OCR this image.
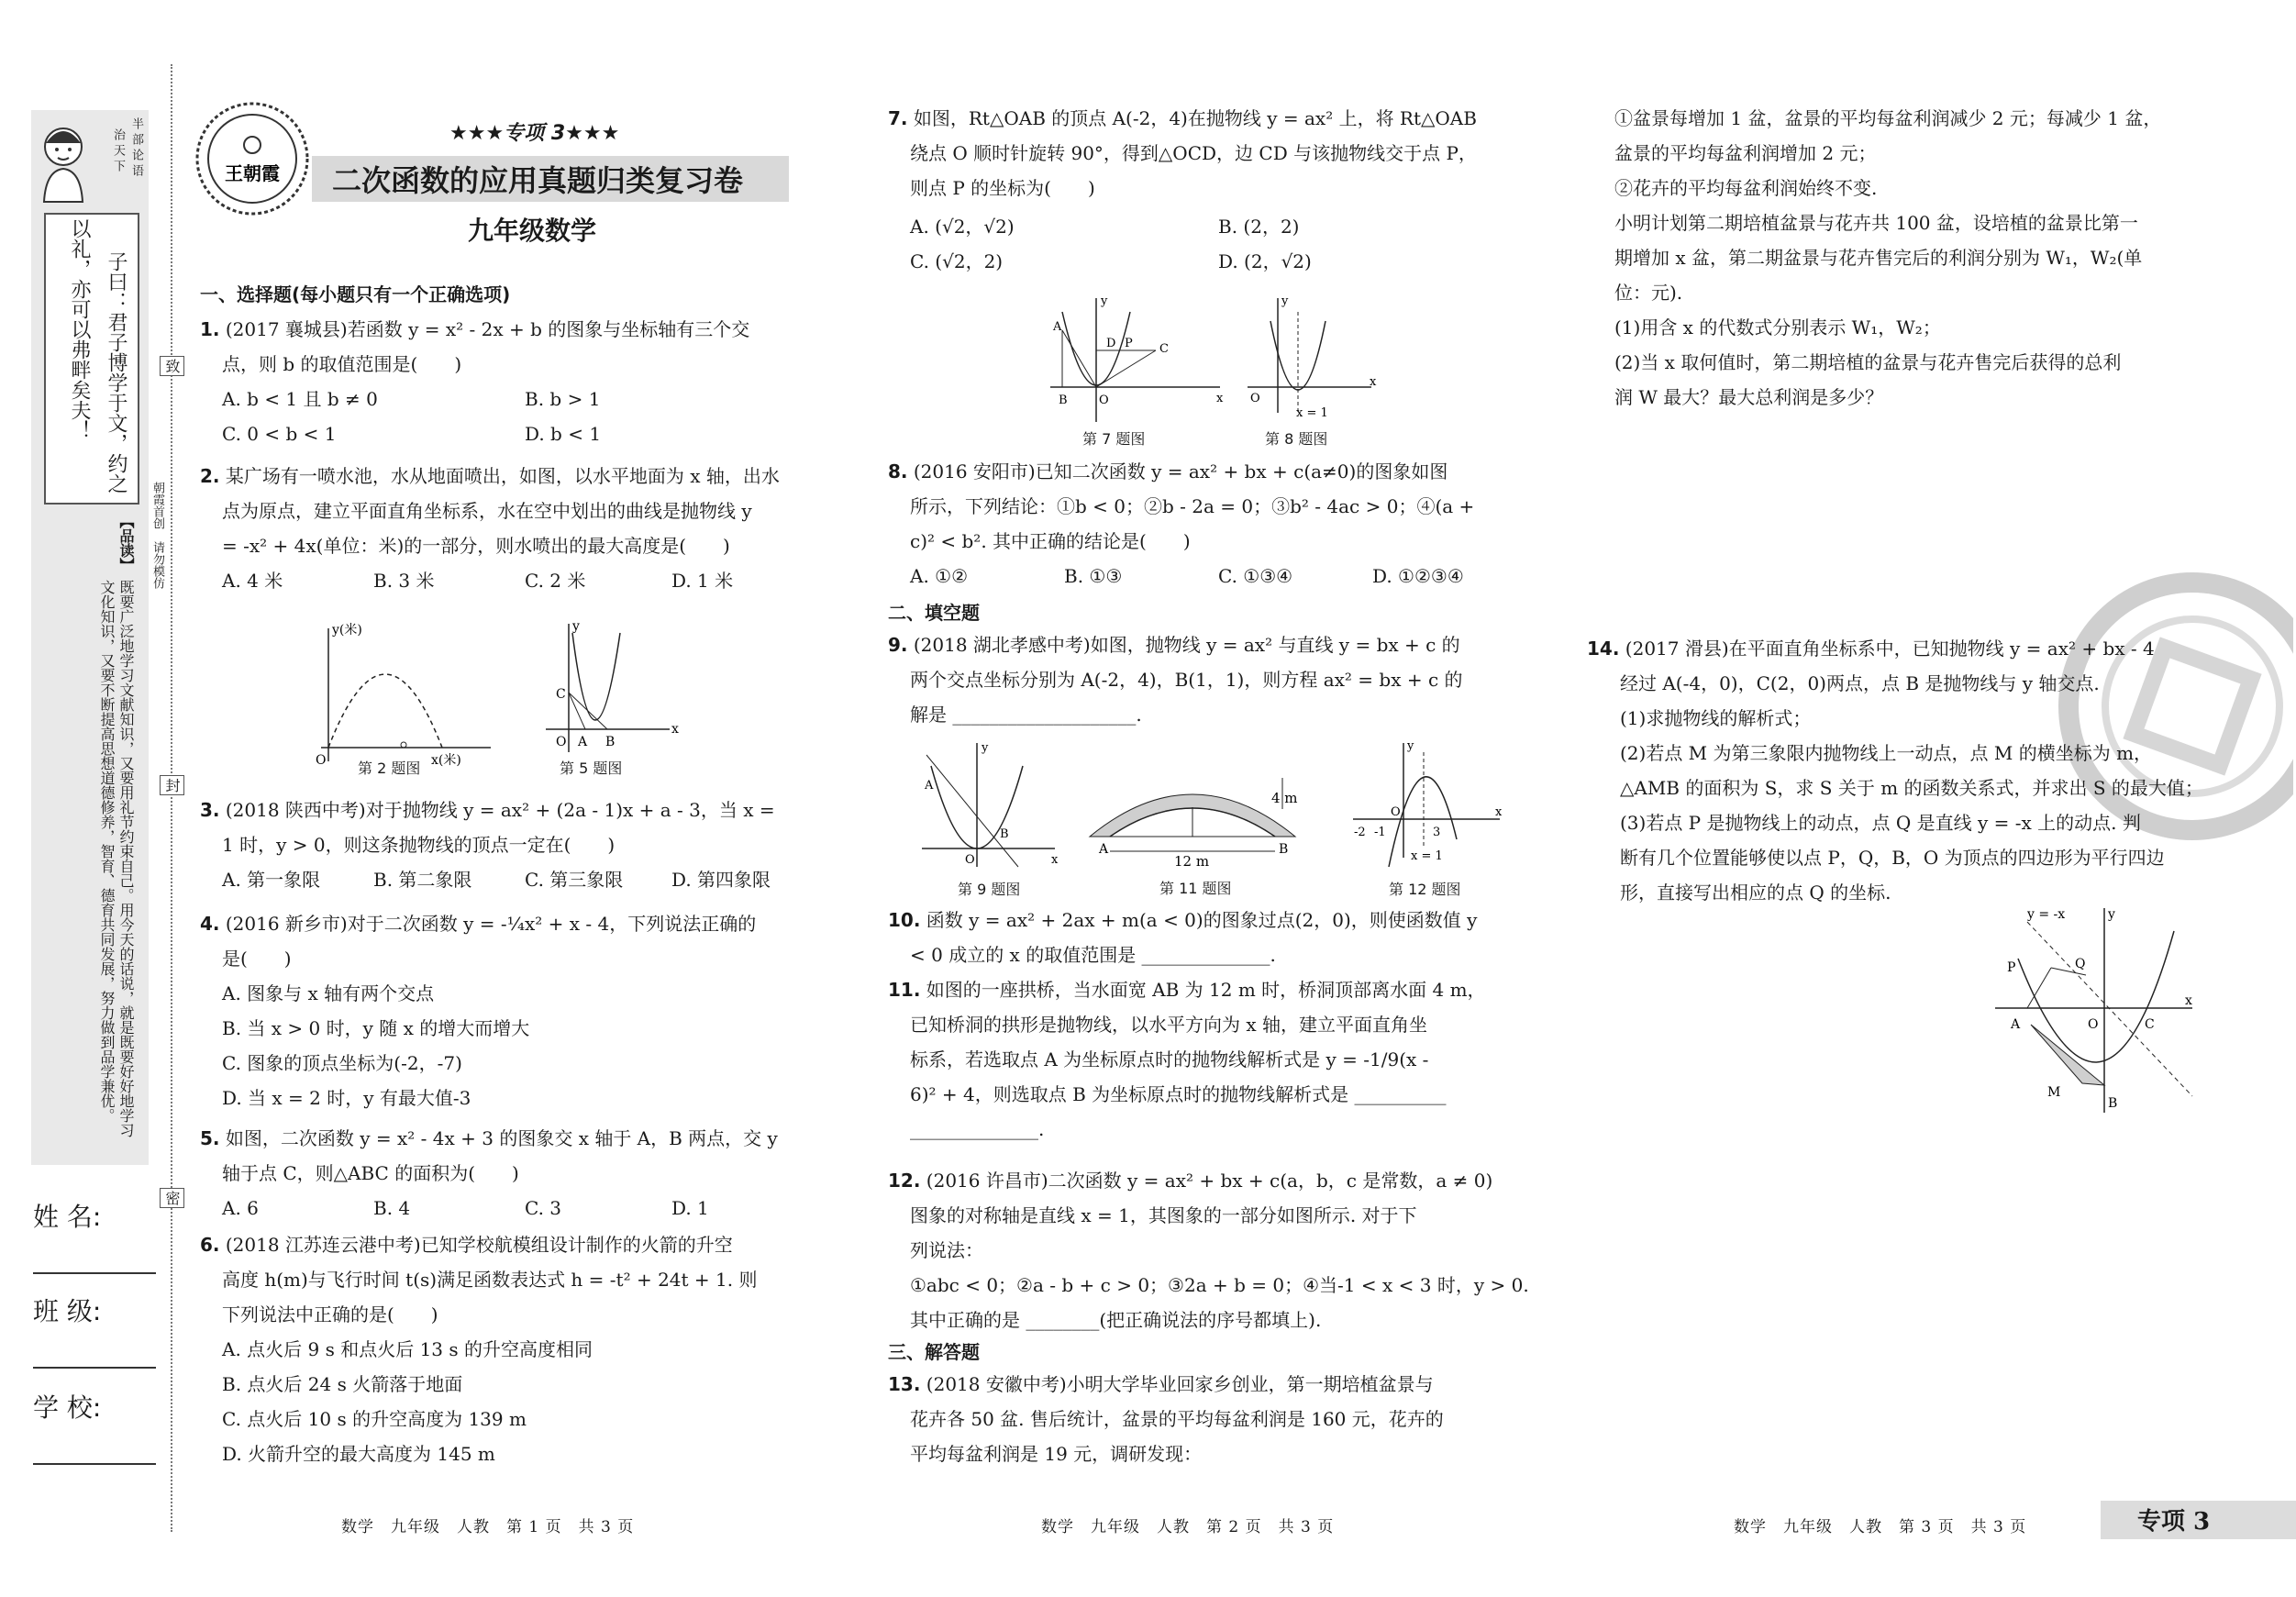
半
部
论
语
治
天
下
子曰：君子博学于文，约之
以礼，亦可以弗畔矣夫！
【品读】
既要广泛地学习文献知识，又要用礼节约束自己。用今天的话说，就是既要好好地学习文化知识，又要不断提高思想道德修养，智育、德育共同发展，努力做到品学兼优。
致
朝霞首创
请勿模仿
封
密
姓 名:
班 级:
学 校:
王朝霞
★★★专项 3★★★
二次函数的应用真题归类复习卷
九年级数学
一、选择题(每小题只有一个正确选项)

1. (2017 襄城县)若函数 y = x² - 2x + b 的图象与坐标轴有三个交

点，则 b 的取值范围是(　　)

A. b < 1 且 b ≠ 0	B. b > 1
C. 0 < b < 1	D. b < 1

2. 某广场有一喷水池，水从地面喷出，如图，以水平地面为 x 轴，出水

点为原点，建立平面直角坐标系，水在空中划出的曲线是抛物线 y

= -x² + 4x(单位：米)的一部分，则水喷出的最大高度是(　　)

A. 4 米	B. 3 米	C. 2 米	D. 1 米
O
y(米)
x(米)
第 2 题图
y
x
C
O A B
第 5 题图

3. (2018 陕西中考)对于抛物线 y = ax² + (2a - 1)x + a - 3，当 x =

1 时，y > 0，则这条抛物线的顶点一定在(　　)

A. 第一象限	B. 第二象限	C. 第三象限	D. 第四象限

4. (2016 新乡市)对于二次函数 y = -¼x² + x - 4，下列说法正确的

是(　　)

A. 图象与 x 轴有两个交点

B. 当 x > 0 时，y 随 x 的增大而增大

C. 图象的顶点坐标为(-2，-7)

D. 当 x = 2 时，y 有最大值-3

5. 如图，二次函数 y = x² - 4x + 3 的图象交 x 轴于 A，B 两点，交 y

轴于点 C，则△ABC 的面积为(　　)

A. 6	B. 4	C. 3	D. 1

6. (2018 江苏连云港中考)已知学校航模组设计制作的火箭的升空

高度 h(m)与飞行时间 t(s)满足函数表达式 h = -t² + 24t + 1. 则

下列说法中正确的是(　　)

A. 点火后 9 s 和点火后 13 s 的升空高度相同

B. 点火后 24 s 火箭落于地面

C. 点火后 10 s 的升空高度为 139 m

D. 火箭升空的最大高度为 145 m

数学　九年级　人教　第 1 页　共 3 页

7. 如图，Rt△OAB 的顶点 A(-2，4)在抛物线 y = ax² 上，将 Rt△OAB

绕点 O 顺时针旋转 90°，得到△OCD，边 CD 与该抛物线交于点 P，

则点 P 的坐标为(　　)

A. (√2，√2)	B. (2，2)
C. (√2，2)	D. (2，√2)
A
B	O
D P C
y
x
第 7 题图
O
y
x
x = 1
第 8 题图

8. (2016 安阳市)已知二次函数 y = ax² + bx + c(a≠0)的图象如图

所示，下列结论：①b < 0；②b - 2a = 0；③b² - 4ac > 0；④(a +

c)² < b². 其中正确的结论是(　　)

A. ①②	B. ①③	C. ①③④	D. ①②③④
二、填空题

9. (2018 湖北孝感中考)如图，抛物线 y = ax² 与直线 y = bx + c 的

两个交点坐标分别为 A(-2，4)，B(1，1)，则方程 ax² = bx + c 的

解是 ____________________.

A
B
O
y
x
第 9 题图
A	B
12 m
4 m
第 11 题图
-2 -1
O
y
x
3
x = 1
第 12 题图

10. 函数 y = ax² + 2ax + m(a < 0)的图象过点(2，0)，则使函数值 y

< 0 成立的 x 的取值范围是 ______________.

11. 如图的一座拱桥，当水面宽 AB 为 12 m 时，桥洞顶部离水面 4 m，

已知桥洞的拱形是抛物线，以水平方向为 x 轴，建立平面直角坐

标系，若选取点 A 为坐标原点时的抛物线解析式是 y = -1/9(x -

6)² + 4，则选取点 B 为坐标原点时的抛物线解析式是 __________

______________.

12. (2016 许昌市)二次函数 y = ax² + bx + c(a，b，c 是常数，a ≠ 0)

图象的对称轴是直线 x = 1，其图象的一部分如图所示. 对于下

列说法：

①abc < 0；②a - b + c > 0；③2a + b = 0；④当-1 < x < 3 时，y > 0.

其中正确的是 ________(把正确说法的序号都填上).

三、解答题

13. (2018 安徽中考)小明大学毕业回家乡创业，第一期培植盆景与

花卉各 50 盆. 售后统计，盆景的平均每盆利润是 160 元，花卉的

平均每盆利润是 19 元，调研发现：

数学　九年级　人教　第 2 页　共 3 页

①盆景每增加 1 盆，盆景的平均每盆利润减少 2 元；每减少 1 盆，

盆景的平均每盆利润增加 2 元；

②花卉的平均每盆利润始终不变.

小明计划第二期培植盆景与花卉共 100 盆，设培植的盆景比第一

期增加 x 盆，第二期盆景与花卉售完后的利润分别为 W₁，W₂(单

位：元).

(1)用含 x 的代数式分别表示 W₁，W₂；

(2)当 x 取何值时，第二期培植的盆景与花卉售完后获得的总利

润 W 最大？最大总利润是多少？

14. (2017 滑县)在平面直角坐标系中，已知抛物线 y = ax² + bx - 4

经过 A(-4，0)，C(2，0)两点，点 B 是抛物线与 y 轴交点.

(1)求抛物线的解析式；

(2)若点 M 为第三象限内抛物线上一动点，点 M 的横坐标为 m，

△AMB 的面积为 S，求 S 关于 m 的函数关系式，并求出 S 的最大值；

(3)若点 P 是抛物线上的动点，点 Q 是直线 y = -x 上的动点. 判

断有几个位置能够使以点 P，Q，B，O 为顶点的四边形为平行四边

形，直接写出相应的点 Q 的坐标.

y = -x	y
x
P	Q
A	O	C
M
B
数学　九年级　人教　第 3 页　共 3 页	专项 3
